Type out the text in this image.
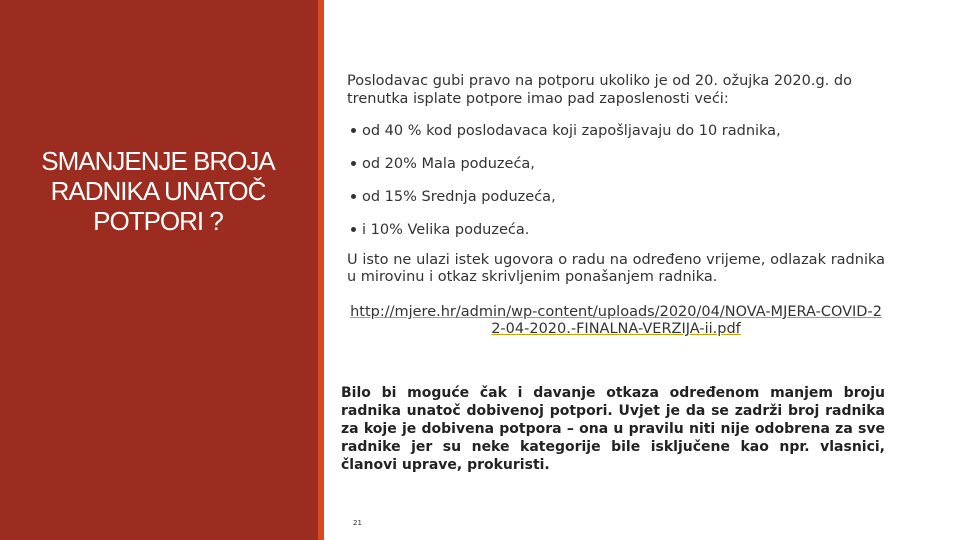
SMANJENJE BROJA
RADNIKA UNATOČ
POTPORI ?

Poslodavac gubi pravo na potporu ukoliko je od 20. ožujka 2020.g. do trenutka isplate potpore imao pad zaposlenosti veći:

od 40 % kod poslodavaca koji zapošljavaju do 10 radnika,

od 20% Mala poduzeća,

od 15% Srednja poduzeća,

i 10% Velika poduzeća.

U isto ne ulazi istek ugovora o radu na određeno vrijeme, odlazak radnika u mirovinu i otkaz skrivljenim ponašanjem radnika.

http://mjere.hr/admin/wp-content/uploads/2020/04/NOVA-MJERA-COVID-22-04-2020.-FINALNA-VERZIJA-ii.pdf

Bilo bi moguće čak i davanje otkaza određenom manjem broju radnika unatoč dobivenoj potpori. Uvjet je da se zadrži broj radnika za koje je dobivena potpora – ona u pravilu niti nije odobrena za sve radnike jer su neke kategorije bile isključene kao npr. vlasnici, članovi uprave, prokuristi.

21
